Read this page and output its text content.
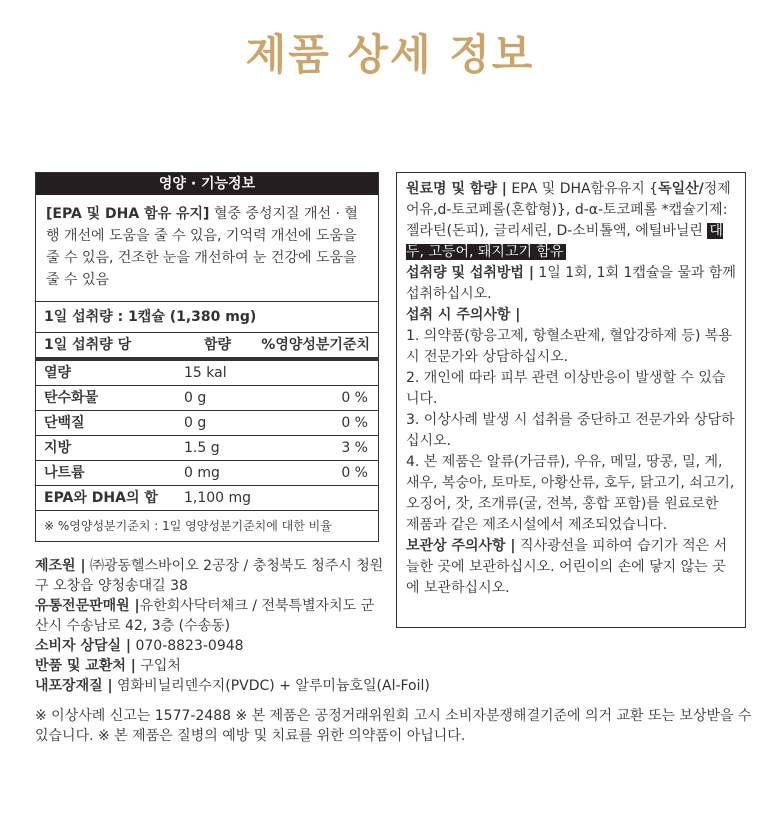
제품 상세 정보
영양 · 기능정보
[EPA 및 DHA 함유 유지] 혈중 중성지질 개선 · 혈행 개선에 도움을 줄 수 있음, 기억력 개선에 도움을 줄 수 있음, 건조한 눈을 개선하여 눈 건강에 도움을 줄 수 있음
1일 섭취량 : 1캡슐 (1,380 mg)
1일 섭취량 당	함량	%영양성분기준치
열량	15 kal
탄수화물	0 g	0 %
단백질	0 g	0 %
지방	1.5 g	3 %
나트륨	0 mg	0 %
EPA와 DHA의 합	1,100 mg
※ %영양성분기준치 : 1일 영양성분기준치에 대한 비율

원료명 및 함량 | EPA 및 DHA함유유지 {독일산/정제어유,d-토코페롤(혼합형)}, d-α-토코페롤 *캡슐기제:젤라틴(돈피), 글리세린, D-소비톨액, 에틸바닐린 대두, 고등어, 돼지고기 함유

섭취량 및 섭취방법 | 1일 1회, 1회 1캡슐을 물과 함께 섭취하십시오.

섭취 시 주의사항 |

1. 의약품(항응고제, 항혈소판제, 혈압강하제 등) 복용 시 전문가와 상담하십시오.

2. 개인에 따라 피부 관련 이상반응이 발생할 수 있습니다.

3. 이상사례 발생 시 섭취를 중단하고 전문가와 상담하십시오.

4. 본 제품은 알류(가금류), 우유, 메밀, 땅콩, 밀, 게, 새우, 복숭아, 토마토, 아황산류, 호두, 닭고기, 쇠고기, 오징어, 잣, 조개류(굴, 전복, 홍합 포함)를 원료로한 제품과 같은 제조시설에서 제조되었습니다.

보관상 주의사항 | 직사광선을 피하여 습기가 적은 서늘한 곳에 보관하십시오. 어린이의 손에 닿지 않는 곳에 보관하십시오.

제조원 | ㈜광동헬스바이오 2공장 / 충청북도 청주시 청원구 오창읍 양청송대길 38

유통전문판매원 |유한회사닥터체크 / 전북특별자치도 군산시 수송남로 42, 3층 (수송동)

소비자 상담실 | 070-8823-0948

반품 및 교환처 | 구입처

내포장재질 | 염화비닐리덴수지(PVDC) + 알루미늄호일(Al-Foil)

※ 이상사례 신고는 1577-2488 ※ 본 제품은 공정거래위원회 고시 소비자분쟁해결기준에 의거 교환 또는 보상받을 수 있습니다. ※ 본 제품은 질병의 예방 및 치료를 위한 의약품이 아닙니다.
